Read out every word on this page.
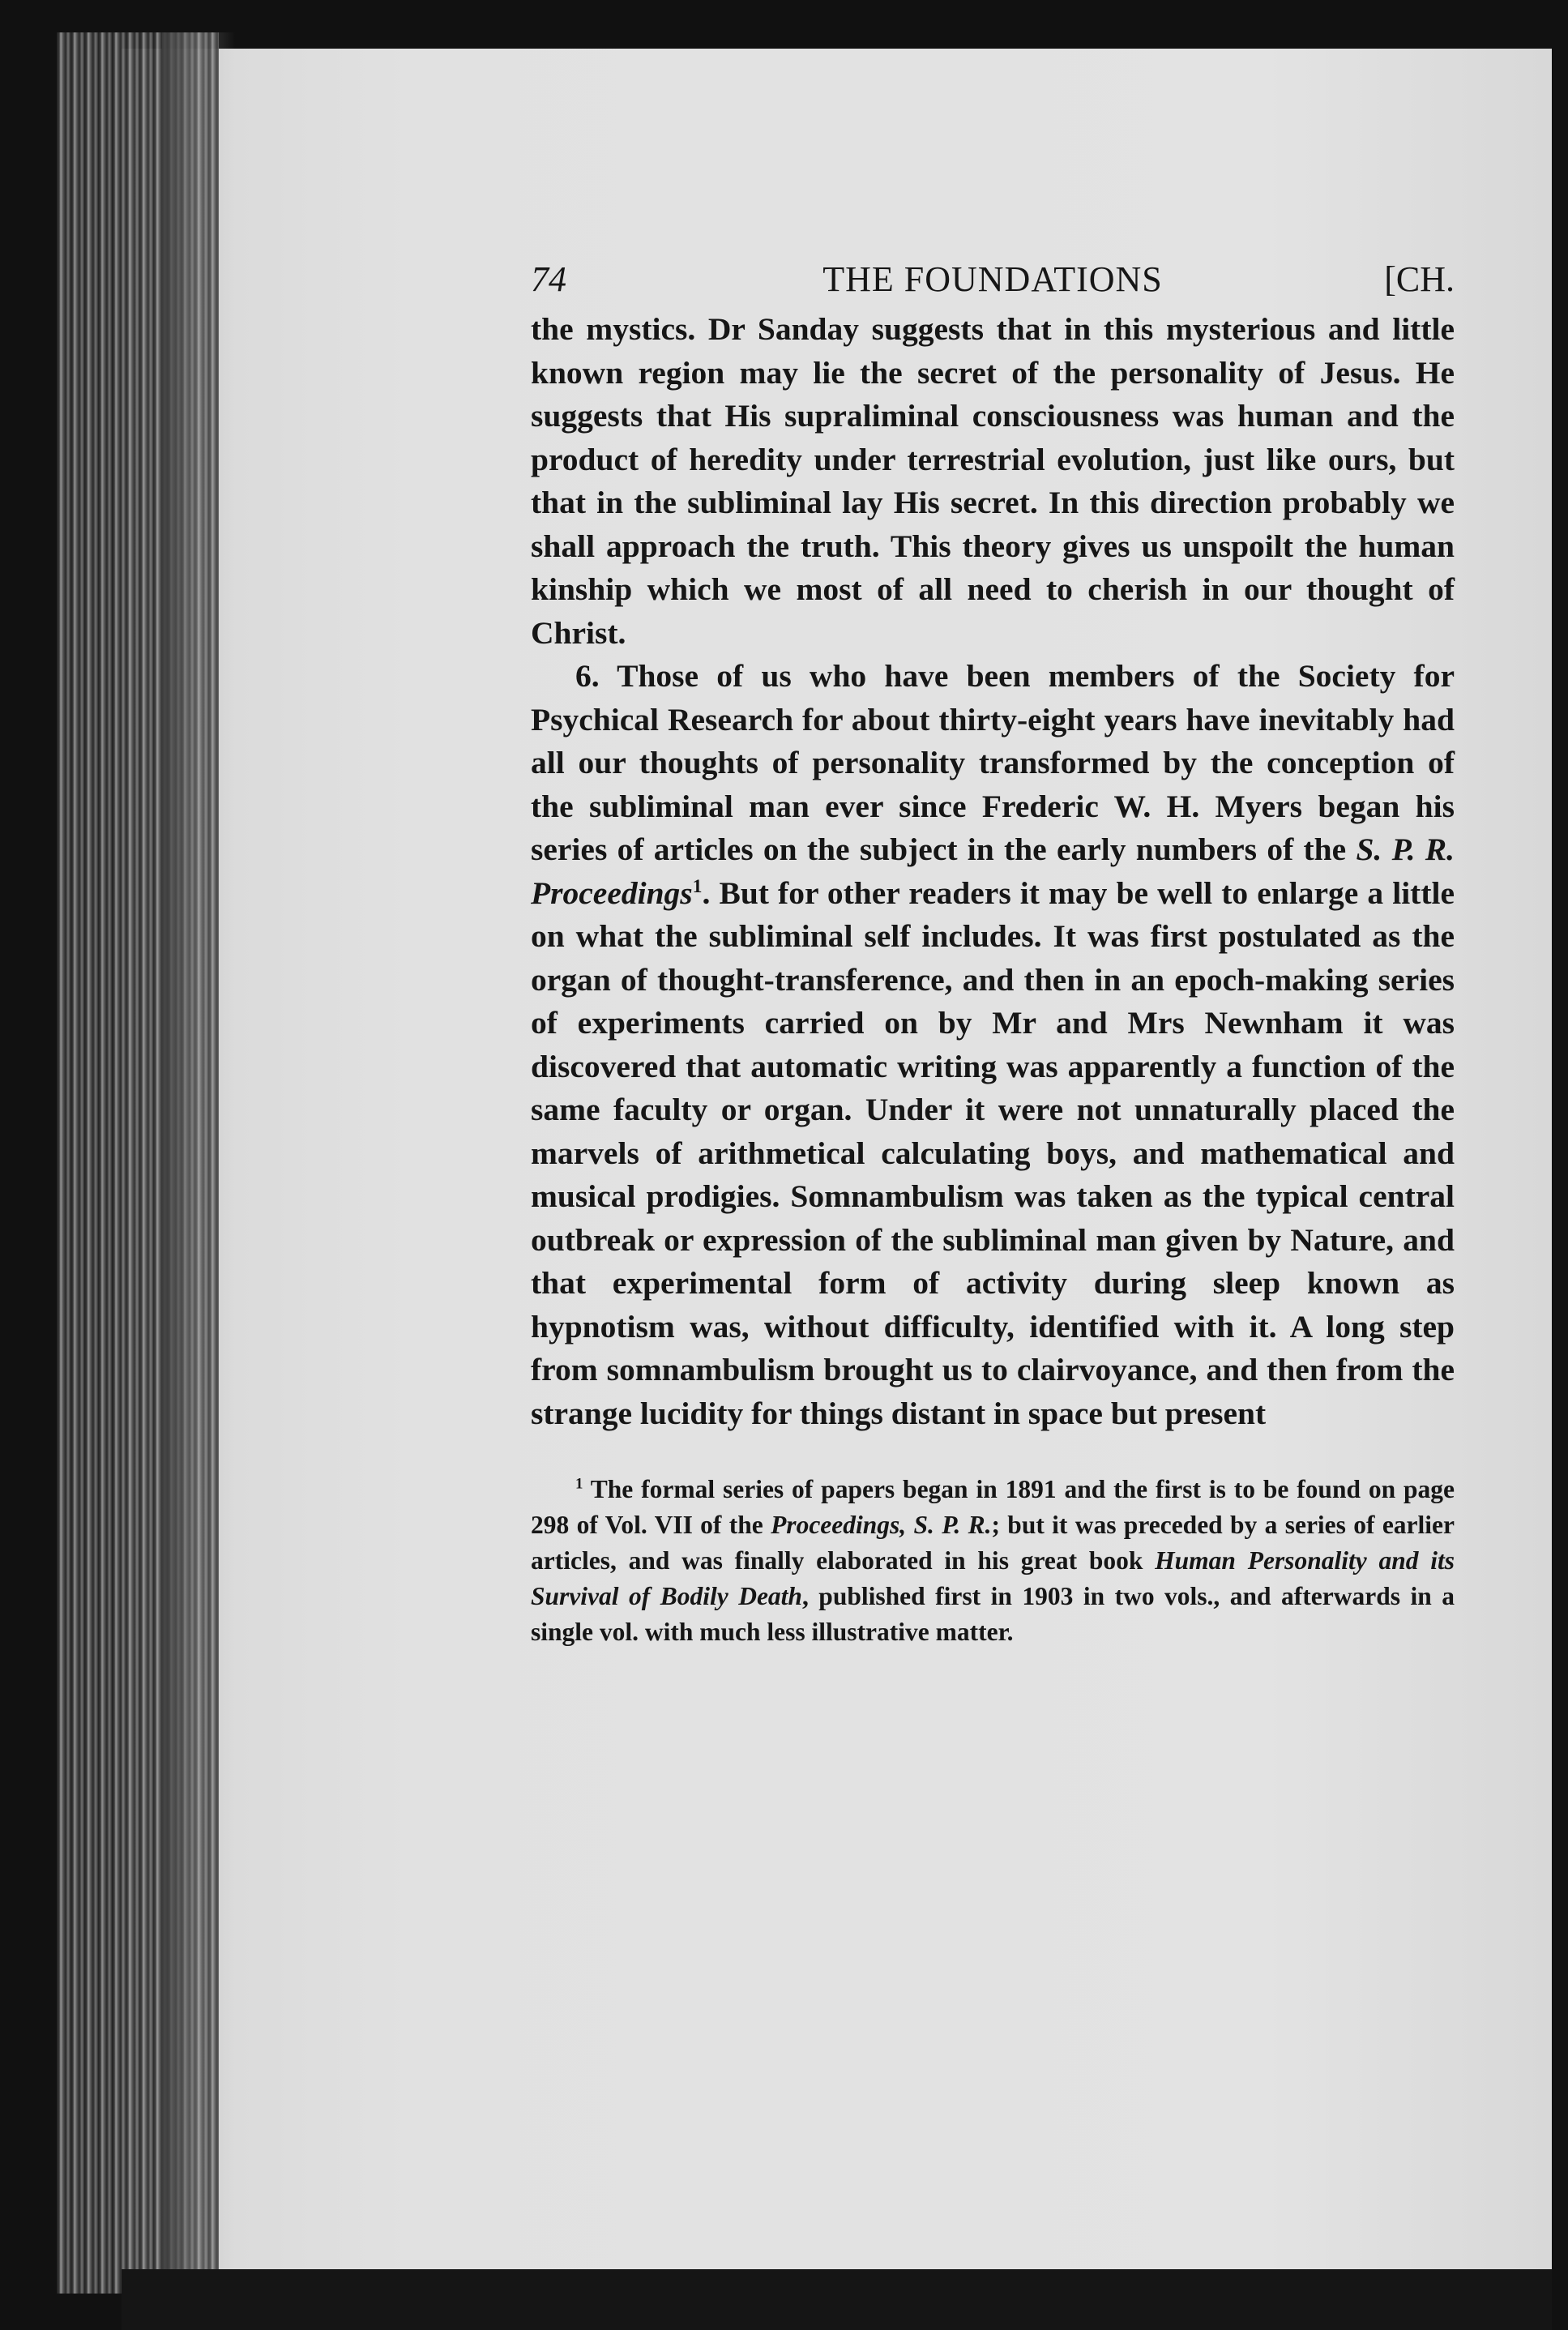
74	THE FOUNDATIONS	[CH.

the mystics. Dr Sanday suggests that in this mysterious and little known region may lie the secret of the personality of Jesus. He suggests that His supraliminal consciousness was human and the product of heredity under terrestrial evolution, just like ours, but that in the subliminal lay His secret. In this direction probably we shall approach the truth. This theory gives us unspoilt the human kinship which we most of all need to cherish in our thought of Christ.

6. Those of us who have been members of the Society for Psychical Research for about thirty-eight years have inevitably had all our thoughts of personality transformed by the conception of the subliminal man ever since Frederic W. H. Myers began his series of articles on the subject in the early numbers of the S. P. R. Proceedings$^1$. But for other readers it may be well to enlarge a little on what the subliminal self includes. It was first postulated as the organ of thought-transference, and then in an epoch-making series of experiments carried on by Mr and Mrs Newnham it was discovered that automatic writing was apparently a function of the same faculty or organ. Under it were not unnaturally placed the marvels of arithmetical calculating boys, and mathematical and musical prodigies. Somnambulism was taken as the typical central outbreak or expression of the subliminal man given by Nature, and that experimental form of activity during sleep known as hypnotism was, without difficulty, identified with it. A long step from somnambulism brought us to clairvoyance, and then from the strange lucidity for things distant in space but present

$^1$ The formal series of papers began in 1891 and the first is to be found on page 298 of Vol. VII of the Proceedings, S. P. R.; but it was preceded by a series of earlier articles, and was finally elaborated in his great book Human Personality and its Survival of Bodily Death, published first in 1903 in two vols., and afterwards in a single vol. with much less illustrative matter.
